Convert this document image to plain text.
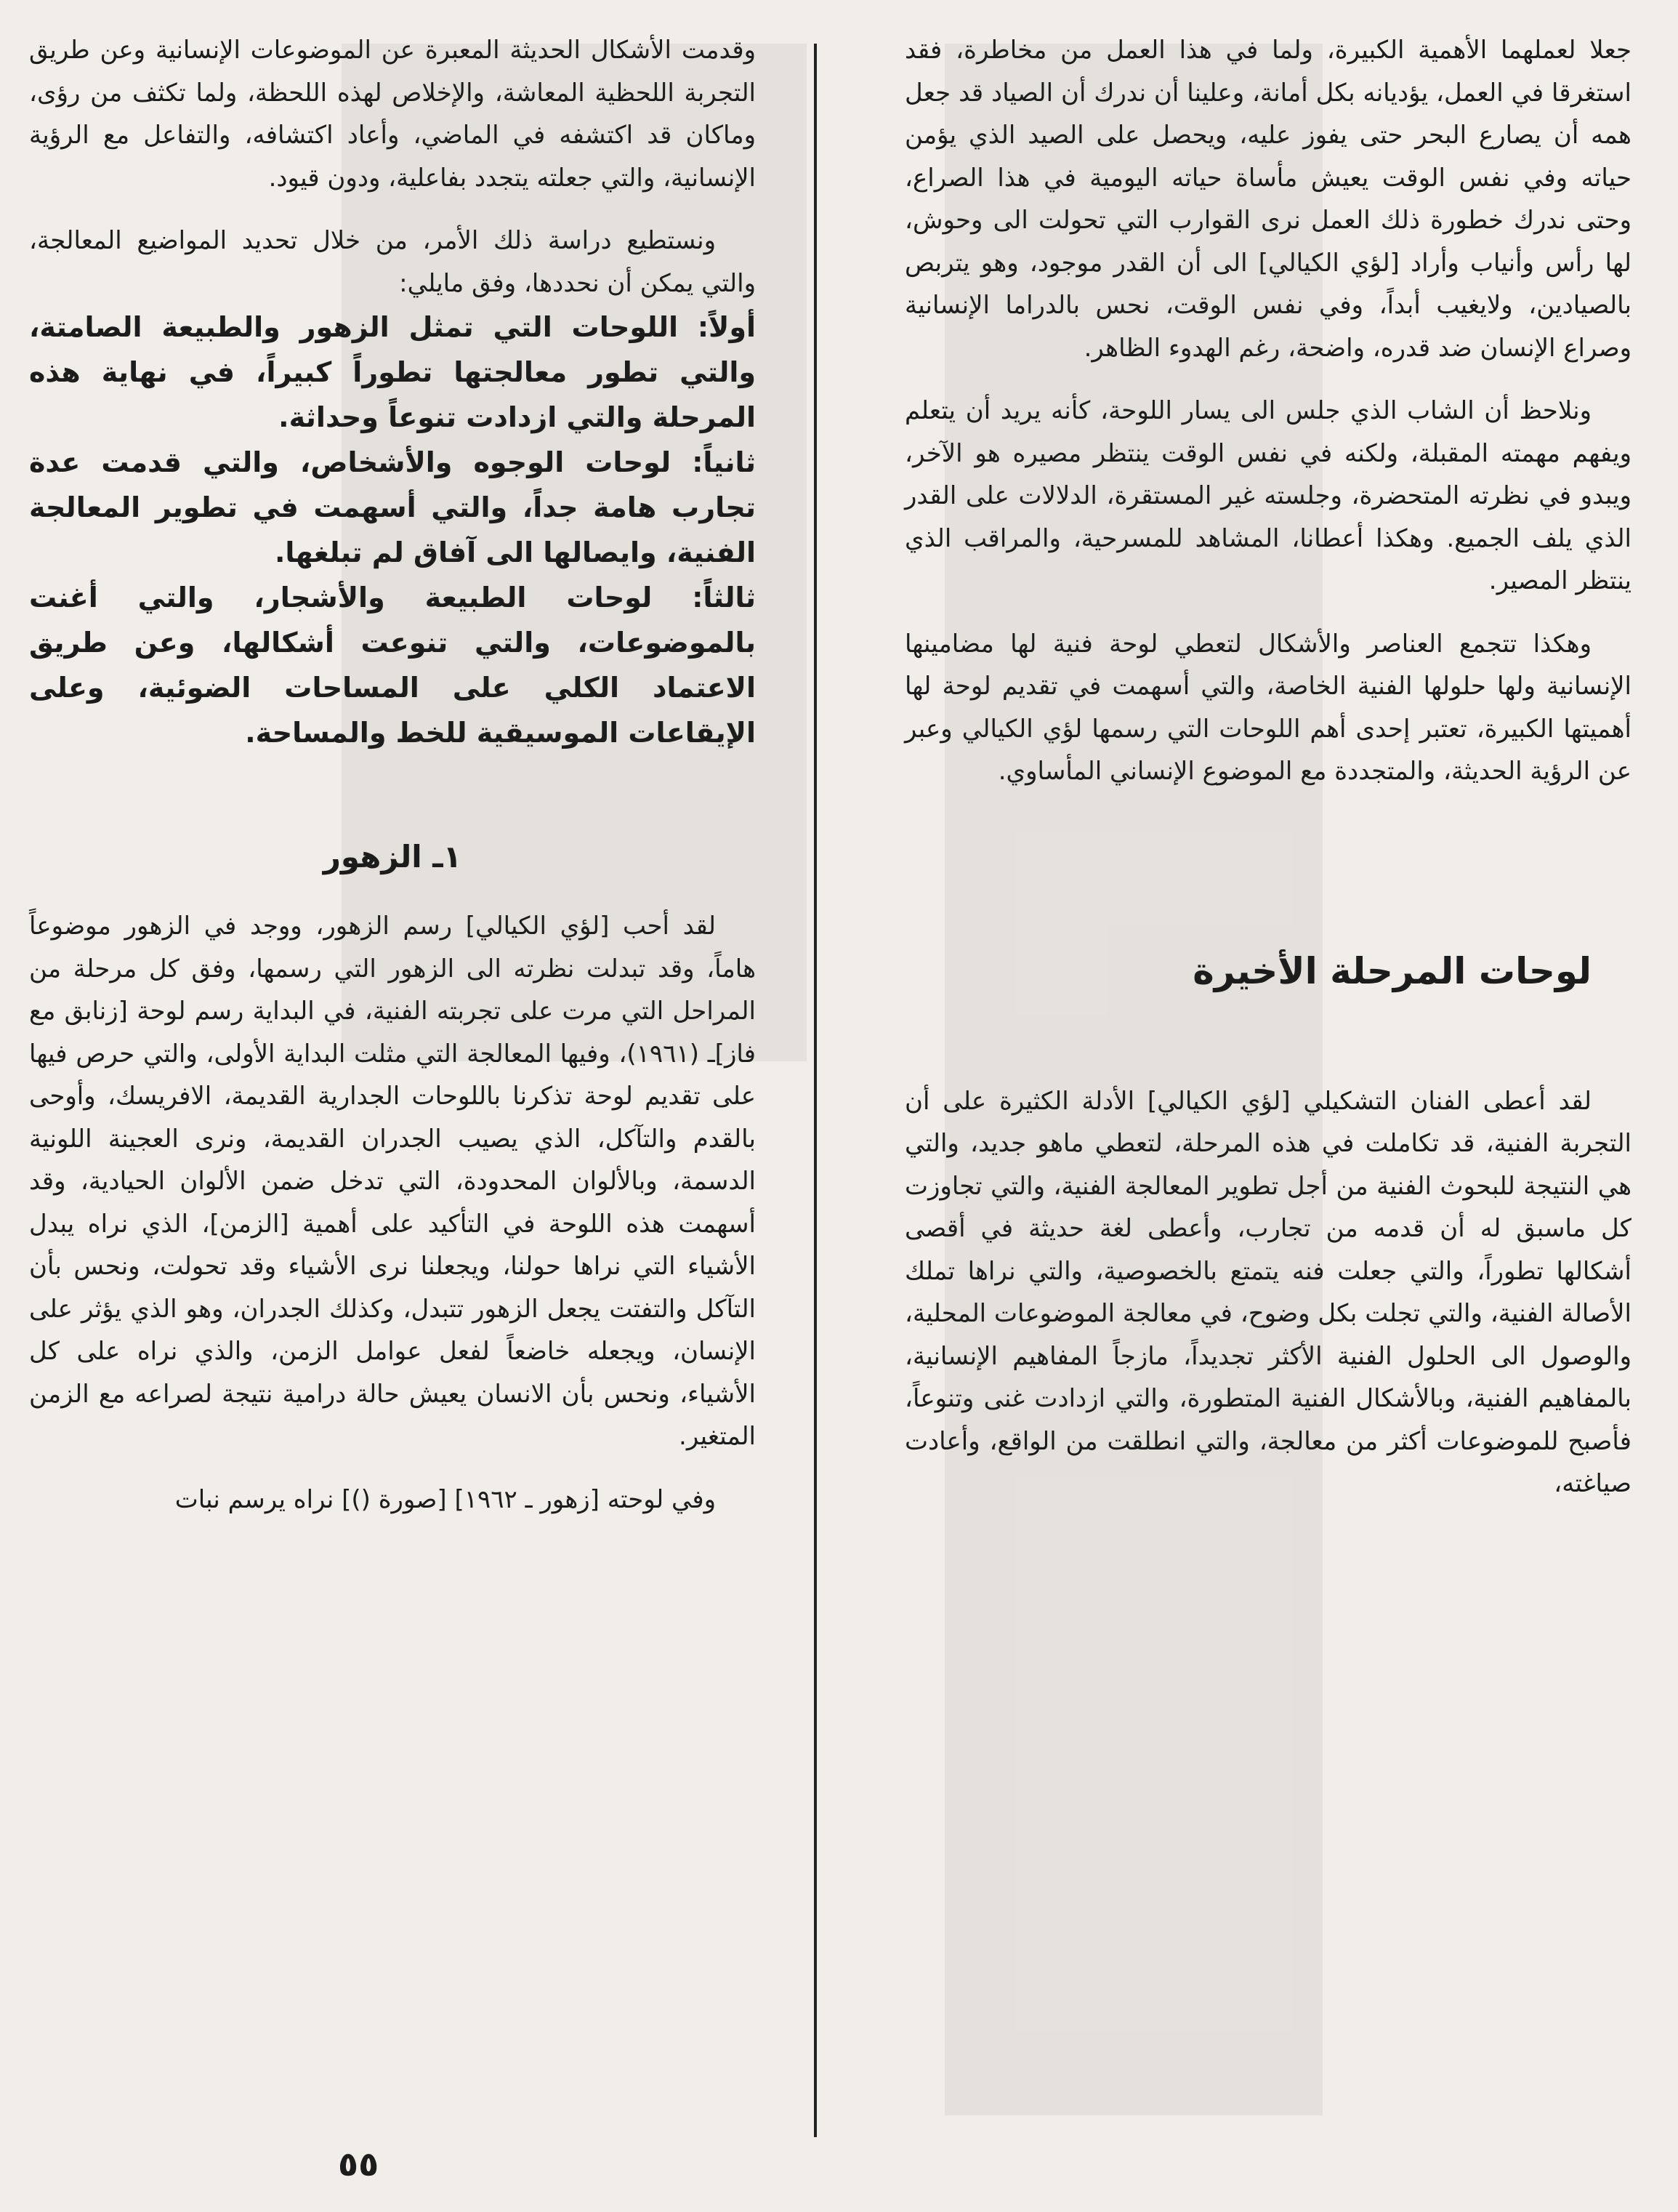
جعلا لعملهما الأهمية الكبيرة، ولما في هذا العمل من مخاطرة، فقد استغرقا في العمل، يؤديانه بكل أمانة، وعلينا أن ندرك أن الصياد قد جعل همه أن يصارع البحر حتى يفوز عليه، ويحصل على الصيد الذي يؤمن حياته وفي نفس الوقت يعيش مأساة حياته اليومية في هذا الصراع، وحتى ندرك خطورة ذلك العمل نرى القوارب التي تحولت الى وحوش، لها رأس وأنياب وأراد [لؤي الكيالي] الى أن القدر موجود، وهو يتربص بالصيادين، ولايغيب أبداً، وفي نفس الوقت، نحس بالدراما الإنسانية وصراع الإنسان ضد قدره، واضحة، رغم الهدوء الظاهر.

ونلاحظ أن الشاب الذي جلس الى يسار اللوحة، كأنه يريد أن يتعلم ويفهم مهمته المقبلة، ولكنه في نفس الوقت ينتظر مصيره هو الآخر، ويبدو في نظرته المتحضرة، وجلسته غير المستقرة، الدلالات على القدر الذي يلف الجميع. وهكذا أعطانا، المشاهد للمسرحية، والمراقب الذي ينتظر المصير.

وهكذا تتجمع العناصر والأشكال لتعطي لوحة فنية لها مضامينها الإنسانية ولها حلولها الفنية الخاصة، والتي أسهمت في تقديم لوحة لها أهميتها الكبيرة، تعتبر إحدى أهم اللوحات التي رسمها لؤي الكيالي وعبر عن الرؤية الحديثة، والمتجددة مع الموضوع الإنساني المأساوي.

لوحات المرحلة الأخيرة

لقد أعطى الفنان التشكيلي [لؤي الكيالي] الأدلة الكثيرة على أن التجربة الفنية، قد تكاملت في هذه المرحلة، لتعطي ماهو جديد، والتي هي النتيجة للبحوث الفنية من أجل تطوير المعالجة الفنية، والتي تجاوزت كل ماسبق له أن قدمه من تجارب، وأعطى لغة حديثة في أقصى أشكالها تطوراً، والتي جعلت فنه يتمتع بالخصوصية، والتي نراها تملك الأصالة الفنية، والتي تجلت بكل وضوح، في معالجة الموضوعات المحلية، والوصول الى الحلول الفنية الأكثر تجديداً، مازجاً المفاهيم الإنسانية، بالمفاهيم الفنية، وبالأشكال الفنية المتطورة، والتي ازدادت غنى وتنوعاً، فأصبح للموضوعات أكثر من معالجة، والتي انطلقت من الواقع، وأعادت صياغته،

وقدمت الأشكال الحديثة المعبرة عن الموضوعات الإنسانية وعن طريق التجربة اللحظية المعاشة، والإخلاص لهذه اللحظة، ولما تكثف من رؤى، وماكان قد اكتشفه في الماضي، وأعاد اكتشافه، والتفاعل مع الرؤية الإنسانية، والتي جعلته يتجدد بفاعلية، ودون قيود.

ونستطيع دراسة ذلك الأمر، من خلال تحديد المواضيع المعالجة، والتي يمكن أن نحددها، وفق مايلي:

أولاً: اللوحات التي تمثل الزهور والطبيعة الصامتة، والتي تطور معالجتها تطوراً كبيراً، في نهاية هذه المرحلة والتي ازدادت تنوعاً وحداثة.

ثانياً: لوحات الوجوه والأشخاص، والتي قدمت عدة تجارب هامة جداً، والتي أسهمت في تطوير المعالجة الفنية، وايصالها الى آفاق لم تبلغها.

ثالثاً: لوحات الطبيعة والأشجار، والتي أغنت بالموضوعات، والتي تنوعت أشكالها، وعن طريق الاعتماد الكلي على المساحات الضوئية، وعلى الإيقاعات الموسيقية للخط والمساحة.

١ـ الزهور

لقد أحب [لؤي الكيالي] رسم الزهور، ووجد في الزهور موضوعاً هاماً، وقد تبدلت نظرته الى الزهور التي رسمها، وفق كل مرحلة من المراحل التي مرت على تجربته الفنية، في البداية رسم لوحة [زنابق مع فاز]ـ (١٩٦١)، وفيها المعالجة التي مثلت البداية الأولى، والتي حرص فيها على تقديم لوحة تذكرنا باللوحات الجدارية القديمة، الافريسك، وأوحى بالقدم والتآكل، الذي يصيب الجدران القديمة، ونرى العجينة اللونية الدسمة، وبالألوان المحدودة، التي تدخل ضمن الألوان الحيادية، وقد أسهمت هذه اللوحة في التأكيد على أهمية [الزمن]، الذي نراه يبدل الأشياء التي نراها حولنا، ويجعلنا نرى الأشياء وقد تحولت، ونحس بأن التآكل والتفتت يجعل الزهور تتبدل، وكذلك الجدران، وهو الذي يؤثر على الإنسان، ويجعله خاضعاً لفعل عوامل الزمن، والذي نراه على كل الأشياء، ونحس بأن الانسان يعيش حالة درامية نتيجة لصراعه مع الزمن المتغير.

وفي لوحته [زهور ـ ١٩٦٢] [صورة ()] نراه يرسم نبات

٥٥
